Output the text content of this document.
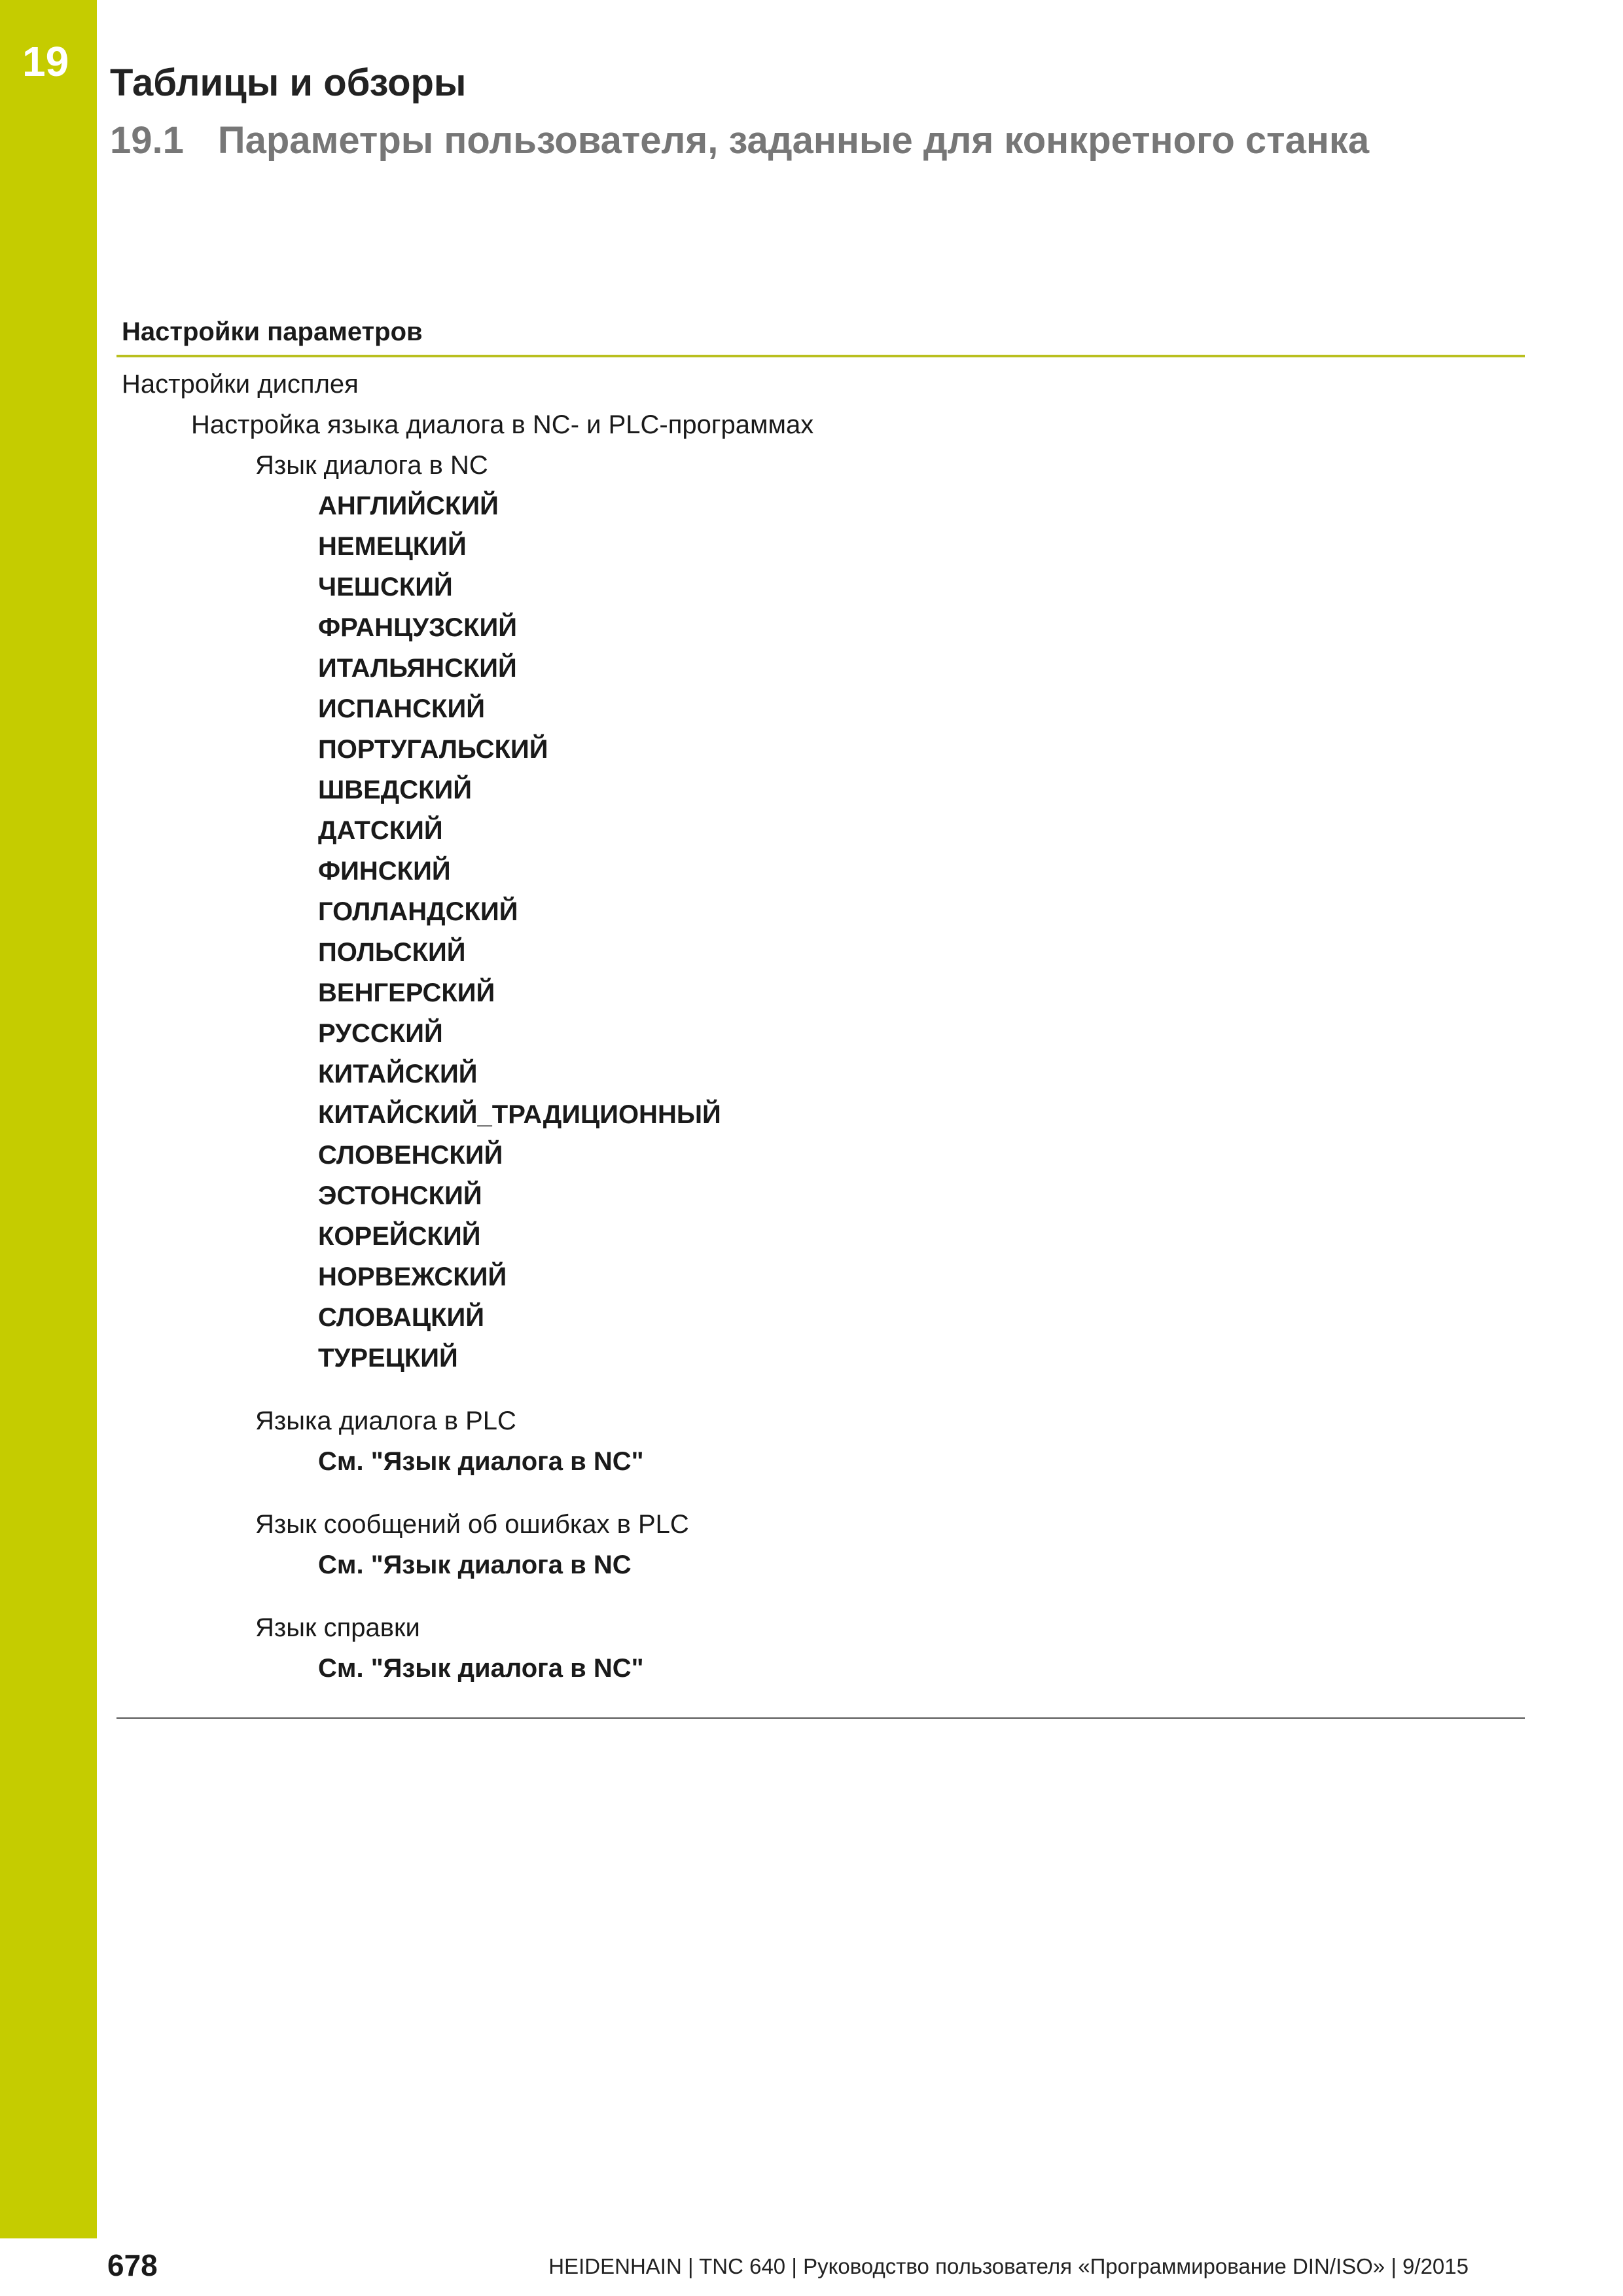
19 Таблицы и обзоры
19.1 Параметры пользователя, заданные для конкретного станка
Настройки параметров
Настройки дисплея
Настройка языка диалога в NC- и PLC-программах
Язык диалога в NC
АНГЛИЙСКИЙ
НЕМЕЦКИЙ
ЧЕШСКИЙ
ФРАНЦУЗСКИЙ
ИТАЛЬЯНСКИЙ
ИСПАНСКИЙ
ПОРТУГАЛЬСКИЙ
ШВЕДСКИЙ
ДАТСКИЙ
ФИНСКИЙ
ГОЛЛАНДСКИЙ
ПОЛЬСКИЙ
ВЕНГЕРСКИЙ
РУССКИЙ
КИТАЙСКИЙ
КИТАЙСКИЙ_ТРАДИЦИОННЫЙ
СЛОВЕНСКИЙ
ЭСТОНСКИЙ
КОРЕЙСКИЙ
НОРВЕЖСКИЙ
СЛОВАЦКИЙ
ТУРЕЦКИЙ
Языка диалога в PLC
См. "Язык диалога в NC"
Язык сообщений об ошибках в PLC
См. "Язык диалога в NC
Язык справки
См. "Язык диалога в NC"
678	HEIDENHAIN | TNC 640 | Руководство пользователя «Программирование DIN/ISO» | 9/2015
